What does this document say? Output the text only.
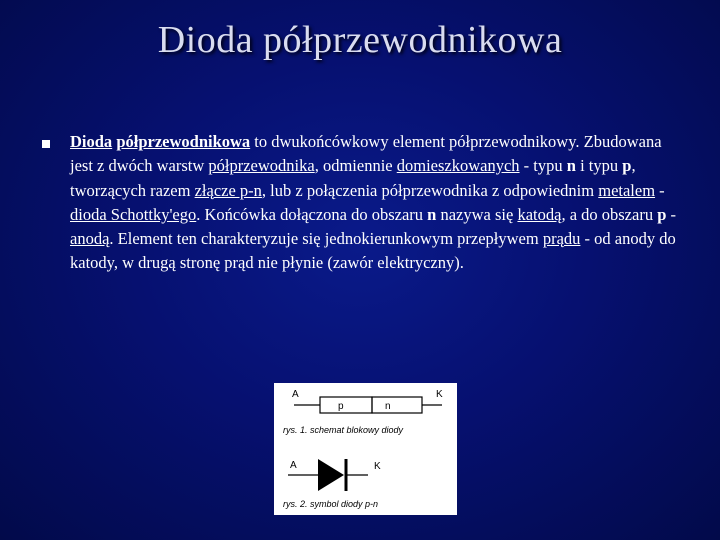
Dioda półprzewodnikowa
Dioda półprzewodnikowa to dwukońcówkowy element półprzewodnikowy. Zbudowana jest z dwóch warstw półprzewodnika, odmiennie domieszkowanych - typu n i typu p, tworzących razem złącze p-n, lub z połączenia półprzewodnika z odpowiednim metalem - dioda Schottky'ego. Końcówka dołączona do obszaru n nazywa się katodą, a do obszaru p - anodą. Element ten charakteryzuje się jednokierunkowym przepływem prądu - od anody do katody, w drugą stronę prąd nie płynie (zawór elektryczny).
A	K
p	n
rys. 1. schemat blokowy diody
A	K
rys. 2. symbol diody p-n
